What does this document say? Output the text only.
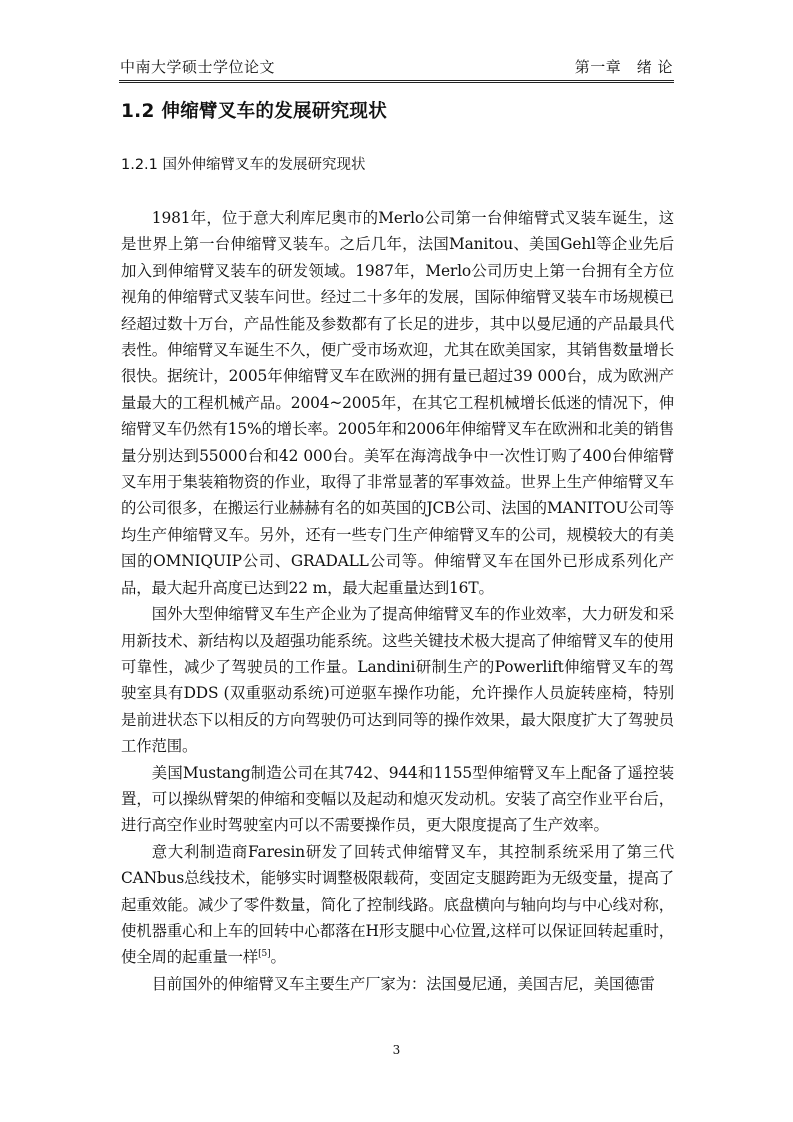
中南大学硕士学位论文	第一章　绪 论
1.2 伸缩臂叉车的发展研究现状
1.2.1 国外伸缩臂叉车的发展研究现状

1981年，位于意大利库尼奥市的Merlo公司第一台伸缩臂式叉装车诞生，这是世界上第一台伸缩臂叉装车。之后几年，法国Manitou、美国Gehl等企业先后加入到伸缩臂叉装车的研发领域。1987年，Merlo公司历史上第一台拥有全方位视角的伸缩臂式叉装车问世。经过二十多年的发展，国际伸缩臂叉装车市场规模已经超过数十万台，产品性能及参数都有了长足的进步，其中以曼尼通的产品最具代表性。伸缩臂叉车诞生不久，便广受市场欢迎，尤其在欧美国家，其销售数量增长很快。据统计，2005年伸缩臂叉车在欧洲的拥有量已超过39 000台，成为欧洲产量最大的工程机械产品。2004~2005年，在其它工程机械增长低迷的情况下，伸缩臂叉车仍然有15%的增长率。2005年和2006年伸缩臂叉车在欧洲和北美的销售量分别达到55000台和42 000台。美军在海湾战争中一次性订购了400台伸缩臂叉车用于集装箱物资的作业，取得了非常显著的军事效益。世界上生产伸缩臂叉车的公司很多，在搬运行业赫赫有名的如英国的JCB公司、法国的MANITOU公司等均生产伸缩臂叉车。另外，还有一些专门生产伸缩臂叉车的公司，规模较大的有美国的OMNIQUIP公司、GRADALL公司等。伸缩臂叉车在国外已形成系列化产品，最大起升高度已达到22 m，最大起重量达到16T。

国外大型伸缩臂叉车生产企业为了提高伸缩臂叉车的作业效率，大力研发和采用新技术、新结构以及超强功能系统。这些关键技术极大提高了伸缩臂叉车的使用可靠性，减少了驾驶员的工作量。Landini研制生产的Powerlift伸缩臂叉车的驾驶室具有DDS (双重驱动系统)可逆驱车操作功能，允许操作人员旋转座椅，特别是前进状态下以相反的方向驾驶仍可达到同等的操作效果，最大限度扩大了驾驶员工作范围。

美国Mustang制造公司在其742、944和1155型伸缩臂叉车上配备了遥控装置，可以操纵臂架的伸缩和变幅以及起动和熄灭发动机。安装了高空作业平台后，进行高空作业时驾驶室内可以不需要操作员，更大限度提高了生产效率。

意大利制造商Faresin研发了回转式伸缩臂叉车，其控制系统采用了第三代CANbus总线技术，能够实时调整极限载荷，变固定支腿跨距为无级变量，提高了起重效能。减少了零件数量，简化了控制线路。底盘横向与轴向均与中心线对称，使机器重心和上车的回转中心都落在H形支腿中心位置,这样可以保证回转起重时，使全周的起重量一样[5]。

目前国外的伸缩臂叉车主要生产厂家为：法国曼尼通，美国吉尼，美国德雷

3
